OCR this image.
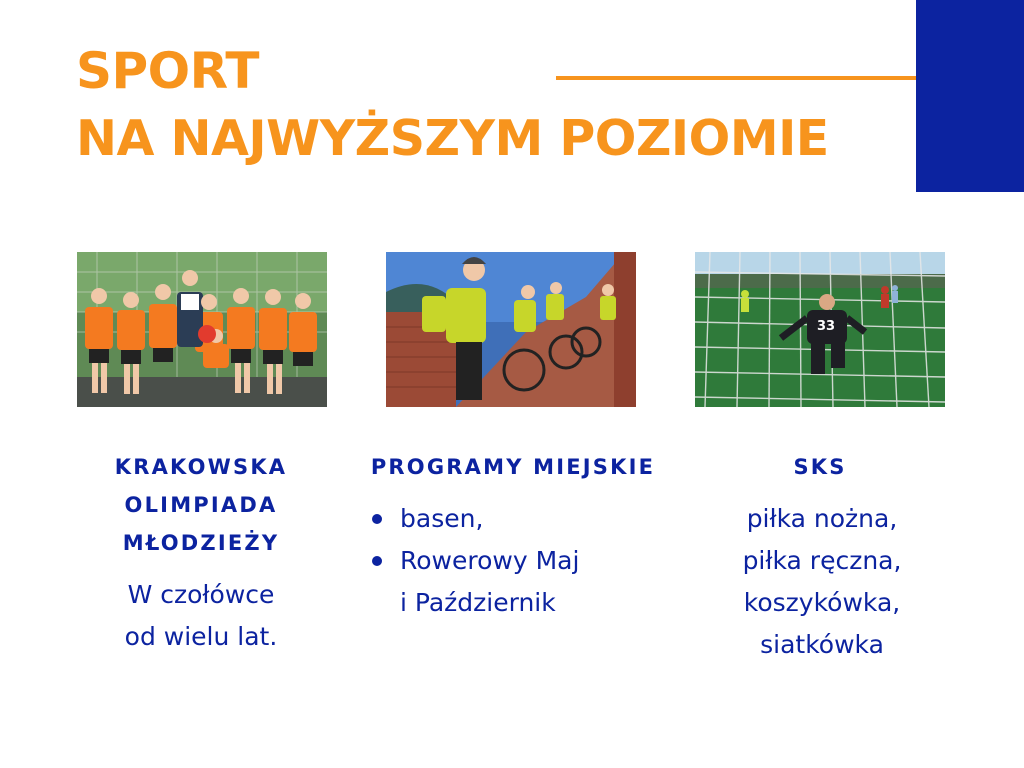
SPORT
NA NAJWYŻSZYM POZIOMIE
33
KRAKOWSKA
OLIMPIADA
MŁODZIEŻY
W czołówce
od wielu lat.
PROGRAMY MIEJSKIE
basen,
Rowerowy Maj
i Październik
SKS
piłka nożna,
piłka ręczna,
koszykówka,
siatkówka
